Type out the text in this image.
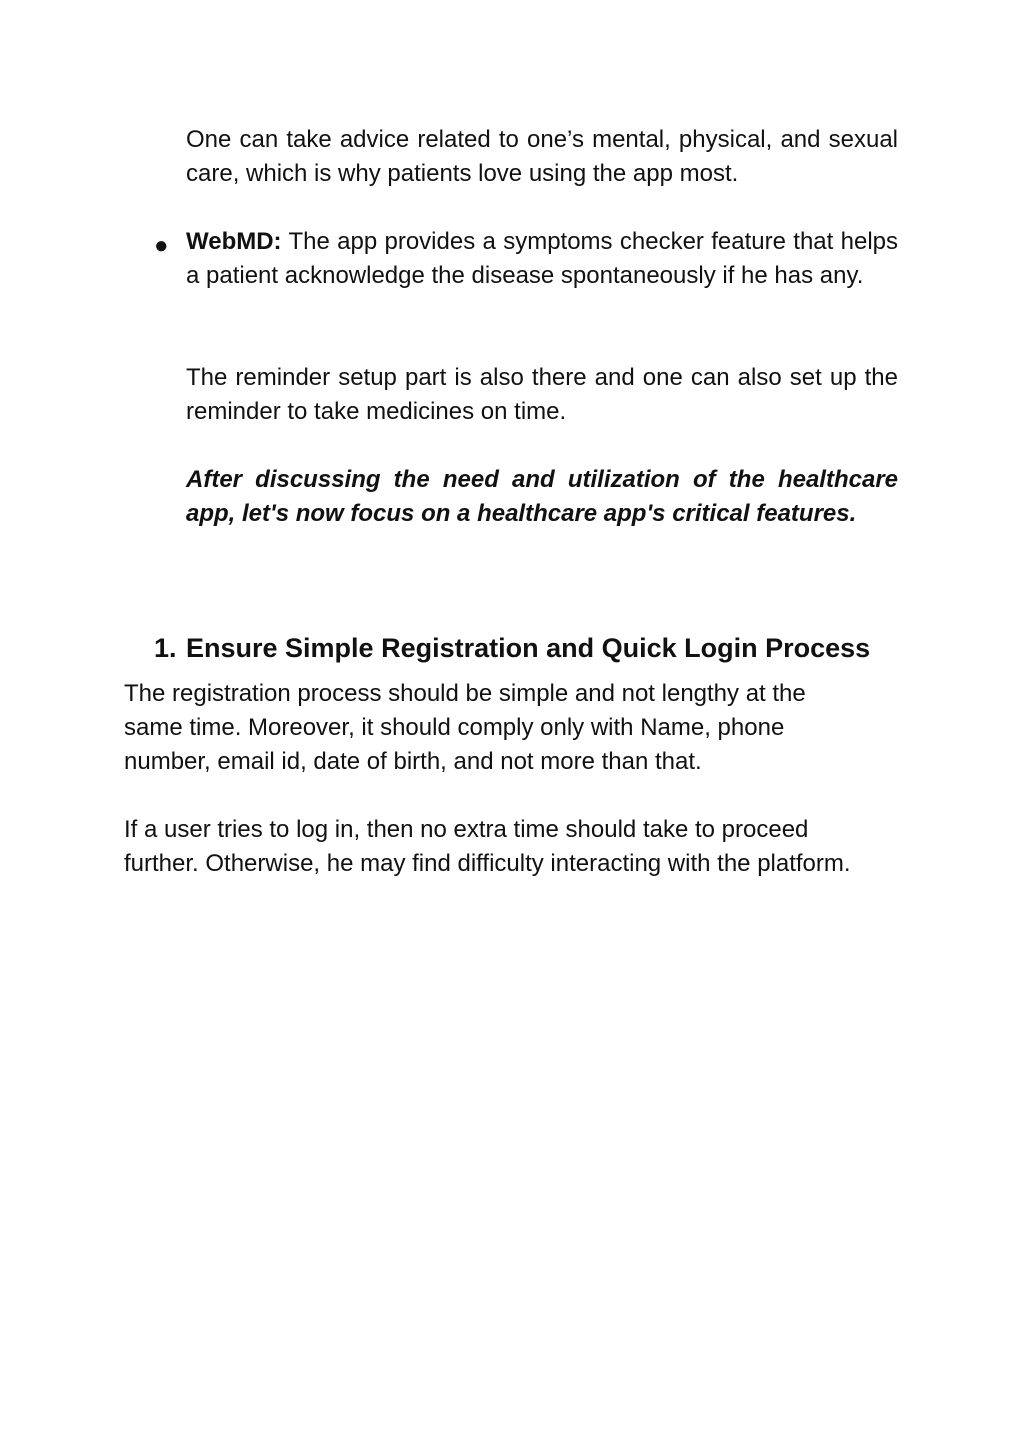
One can take advice related to one’s mental, physical, and sexual care, which is why patients love using the app most.

● WebMD: The app provides a symptoms checker feature that helps a patient acknowledge the disease spontaneously if he has any.

The reminder setup part is also there and one can also set up the reminder to take medicines on time.

After discussing the need and utilization of the healthcare app, let's now focus on a healthcare app's critical features.

1. Ensure Simple Registration and Quick Login Process

The registration process should be simple and not lengthy at the same time. Moreover, it should comply only with Name, phone number, email id, date of birth, and not more than that.

If a user tries to log in, then no extra time should take to proceed further. Otherwise, he may find difficulty interacting with the platform.
